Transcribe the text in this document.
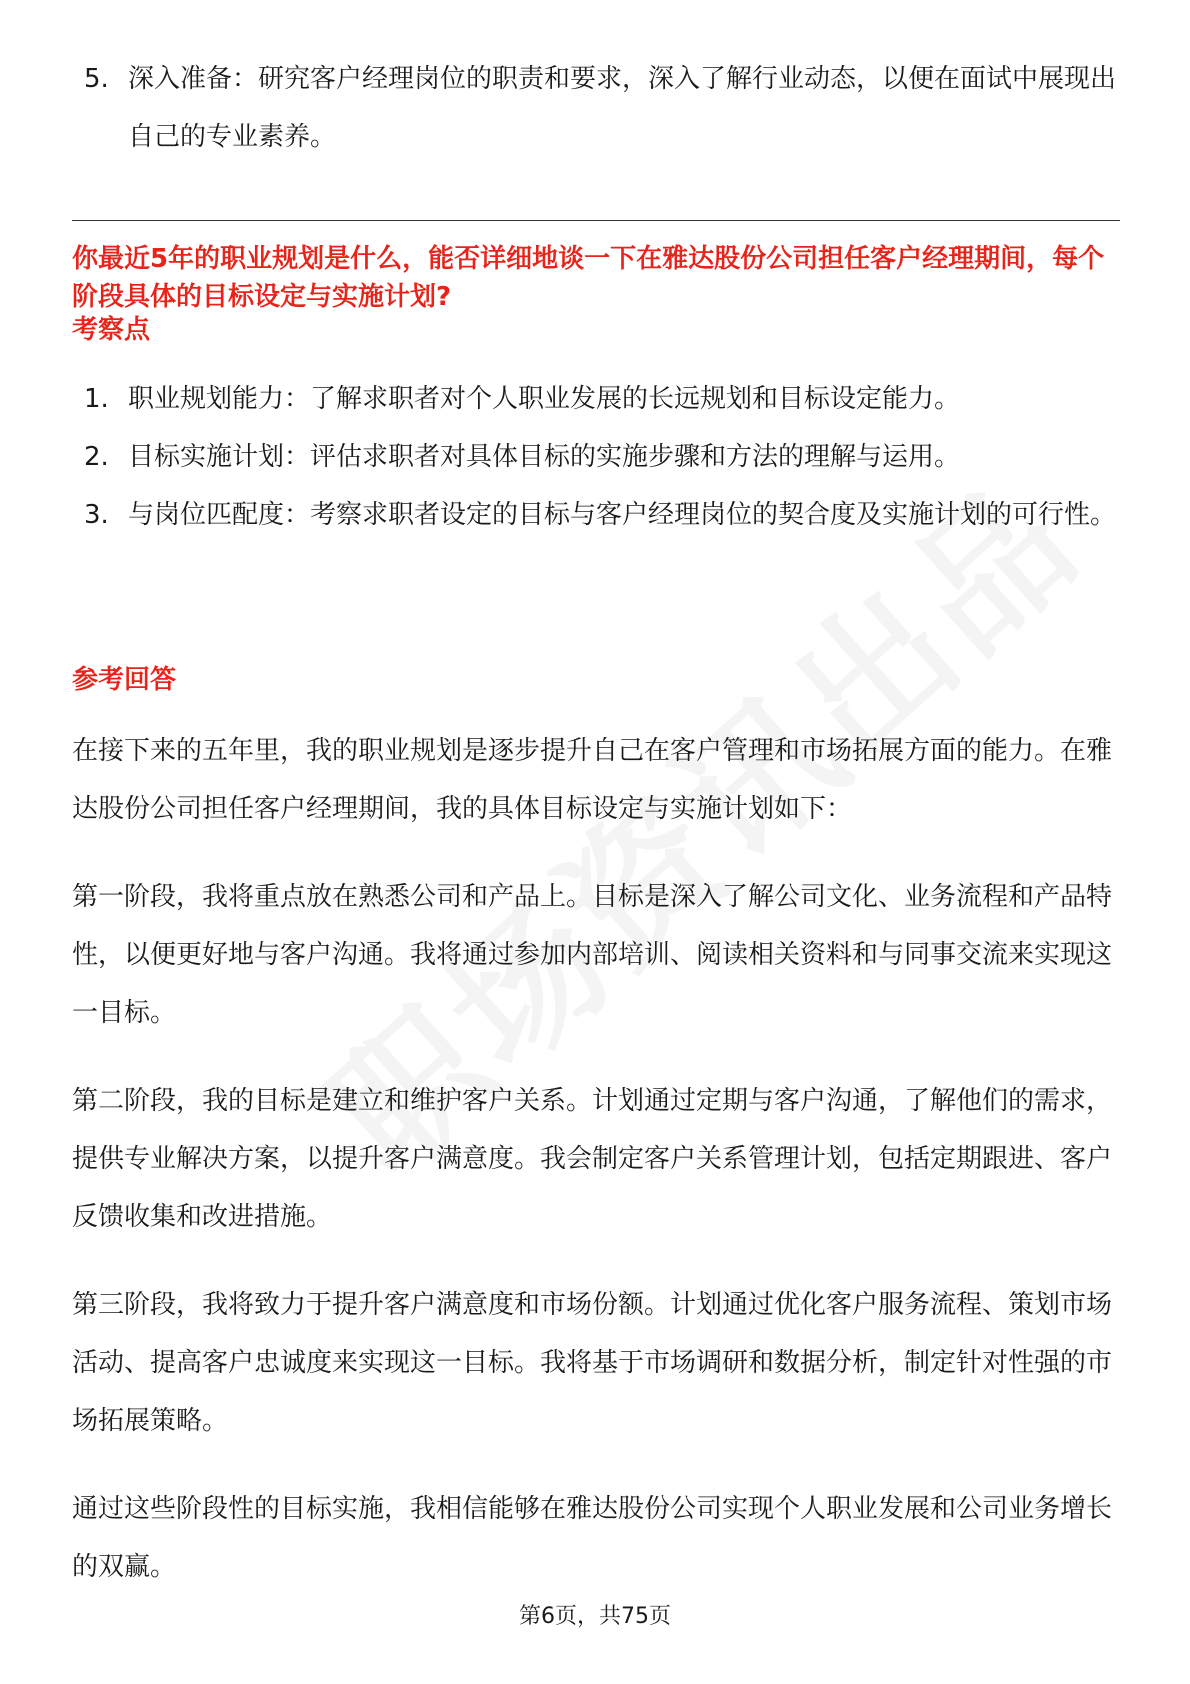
5. 深入准备：研究客户经理岗位的职责和要求，深入了解行业动态，以便在面试中展现出自己的专业素养。

你最近5年的职业规划是什么，能否详细地谈一下在雅达股份公司担任客户经理期间，每个阶段具体的目标设定与实施计划?

考察点
1. 职业规划能力：了解求职者对个人职业发展的长远规划和目标设定能力。
2. 目标实施计划：评估求职者对具体目标的实施步骤和方法的理解与运用。
3. 与岗位匹配度：考察求职者设定的目标与客户经理岗位的契合度及实施计划的可行性。
参考回答

在接下来的五年里，我的职业规划是逐步提升自己在客户管理和市场拓展方面的能力。在雅达股份公司担任客户经理期间，我的具体目标设定与实施计划如下：

第一阶段，我将重点放在熟悉公司和产品上。目标是深入了解公司文化、业务流程和产品特性，以便更好地与客户沟通。我将通过参加内部培训、阅读相关资料和与同事交流来实现这一目标。

第二阶段，我的目标是建立和维护客户关系。计划通过定期与客户沟通，了解他们的需求，提供专业解决方案，以提升客户满意度。我会制定客户关系管理计划，包括定期跟进、客户反馈收集和改进措施。

第三阶段，我将致力于提升客户满意度和市场份额。计划通过优化客户服务流程、策划市场活动、提高客户忠诚度来实现这一目标。我将基于市场调研和数据分析，制定针对性强的市场拓展策略。

通过这些阶段性的目标实施，我相信能够在雅达股份公司实现个人职业发展和公司业务增长的双赢。

第6页，共75页
